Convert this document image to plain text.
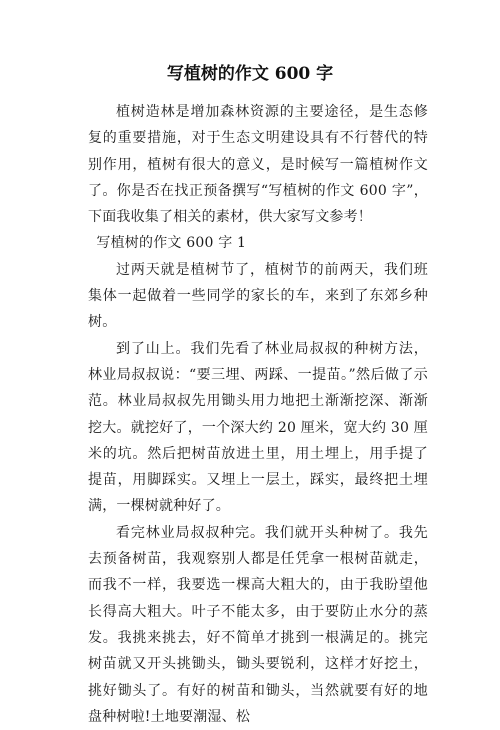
写植树的作文 600 字

植树造林是增加森林资源的主要途径，是生态修复的重要措施，对于生态文明建设具有不行替代的特别作用，植树有很大的意义，是时候写一篇植树作文了。你是否在找正预备撰写“写植树的作文 600 字”，下面我收集了相关的素材，供大家写文参考！

写植树的作文 600 字 1

过两天就是植树节了，植树节的前两天，我们班集体一起做着一些同学的家长的车，来到了东郊乡种树。

到了山上。我们先看了林业局叔叔的种树方法，林业局叔叔说：“要三埋、两踩、一提苗。”然后做了示范。林业局叔叔先用锄头用力地把土渐渐挖深、渐渐挖大。就挖好了，一个深大约 20 厘米，宽大约 30 厘米的坑。然后把树苗放进土里，用土埋上，用手提了提苗，用脚踩实。又埋上一层土，踩实，最终把土埋满，一棵树就种好了。

看完林业局叔叔种完。我们就开头种树了。我先去预备树苗，我观察别人都是任凭拿一根树苗就走，而我不一样，我要选一棵高大粗大的，由于我盼望他长得高大粗大。叶子不能太多，由于要防止水分的蒸发。我挑来挑去，好不简单才挑到一根满足的。挑完树苗就又开头挑锄头，锄头要锐利，这样才好挖土，挑好锄头了。有好的树苗和锄头，当然就要有好的地盘种树啦!土地要潮湿、松
